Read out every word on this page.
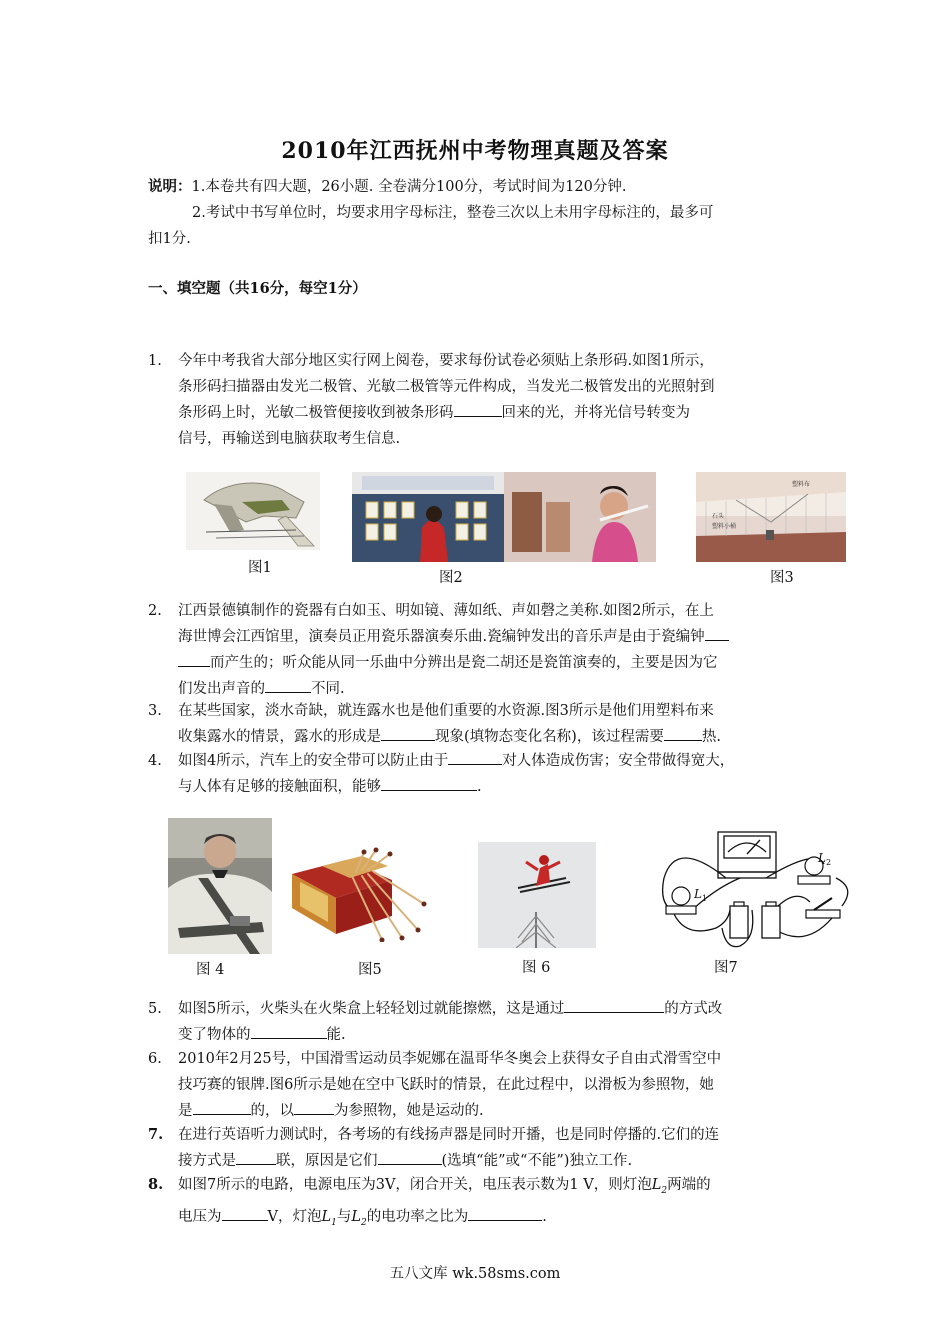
2010年江西抚州中考物理真题及答案
说明：1.本卷共有四大题，26小题. 全卷满分100分，考试时间为120分钟.
2.考试中书写单位时，均要求用字母标注，整卷三次以上未用字母标注的，最多可
扣1分.
一、填空题（共16分，每空1分）
1. 今年中考我省大部分地区实行网上阅卷，要求每份试卷必须贴上条形码.如图1所示，
条形码扫描器由发光二极管、光敏二极管等元件构成，当发光二极管发出的光照射到
条形码上时，光敏二极管便接收到被条形码	回来的光，并将光信号转变为
信号，再输送到电脑获取考生信息.
塑料布
石头
塑料小桶
图1
图2	图3
2. 江西景德镇制作的瓷器有白如玉、明如镜、薄如纸、声如磬之美称.如图2所示，在上
海世博会江西馆里，演奏员正用瓷乐器演奏乐曲.瓷编钟发出的音乐声是由于瓷编钟
而产生的；听众能从同一乐曲中分辨出是瓷二胡还是瓷笛演奏的，主要是因为它
们发出声音的	不同.
3. 在某些国家，淡水奇缺，就连露水也是他们重要的水资源.图3所示是他们用塑料布来
收集露水的情景，露水的形成是	现象(填物态变化名称)，该过程需要	热.
4. 如图4所示，汽车上的安全带可以防止由于	对人体造成伤害；安全带做得宽大，
与人体有足够的接触面积，能够	.
L 1
L 2
图 4	图5	图 6	图7
5. 如图5所示，火柴头在火柴盒上轻轻划过就能擦燃，这是通过	的方式改
变了物体的	能.
6. 2010年2月25号，中国滑雪运动员李妮娜在温哥华冬奥会上获得女子自由式滑雪空中
技巧赛的银牌.图6所示是她在空中飞跃时的情景，在此过程中，以滑板为参照物，她
是	的，以	为参照物，她是运动的.
7. 在进行英语听力测试时，各考场的有线扬声器是同时开播，也是同时停播的.它们的连
接方式是	联，原因是它们	(选填“能”或“不能”)独立工作.
8. 如图7所示的电路，电源电压为3V，闭合开关，电压表示数为1 V，则灯泡$L_2$两端的
电压为	V，灯泡$L_1$与$L_2$的电功率之比为	.
五八文库 wk.58sms.com
